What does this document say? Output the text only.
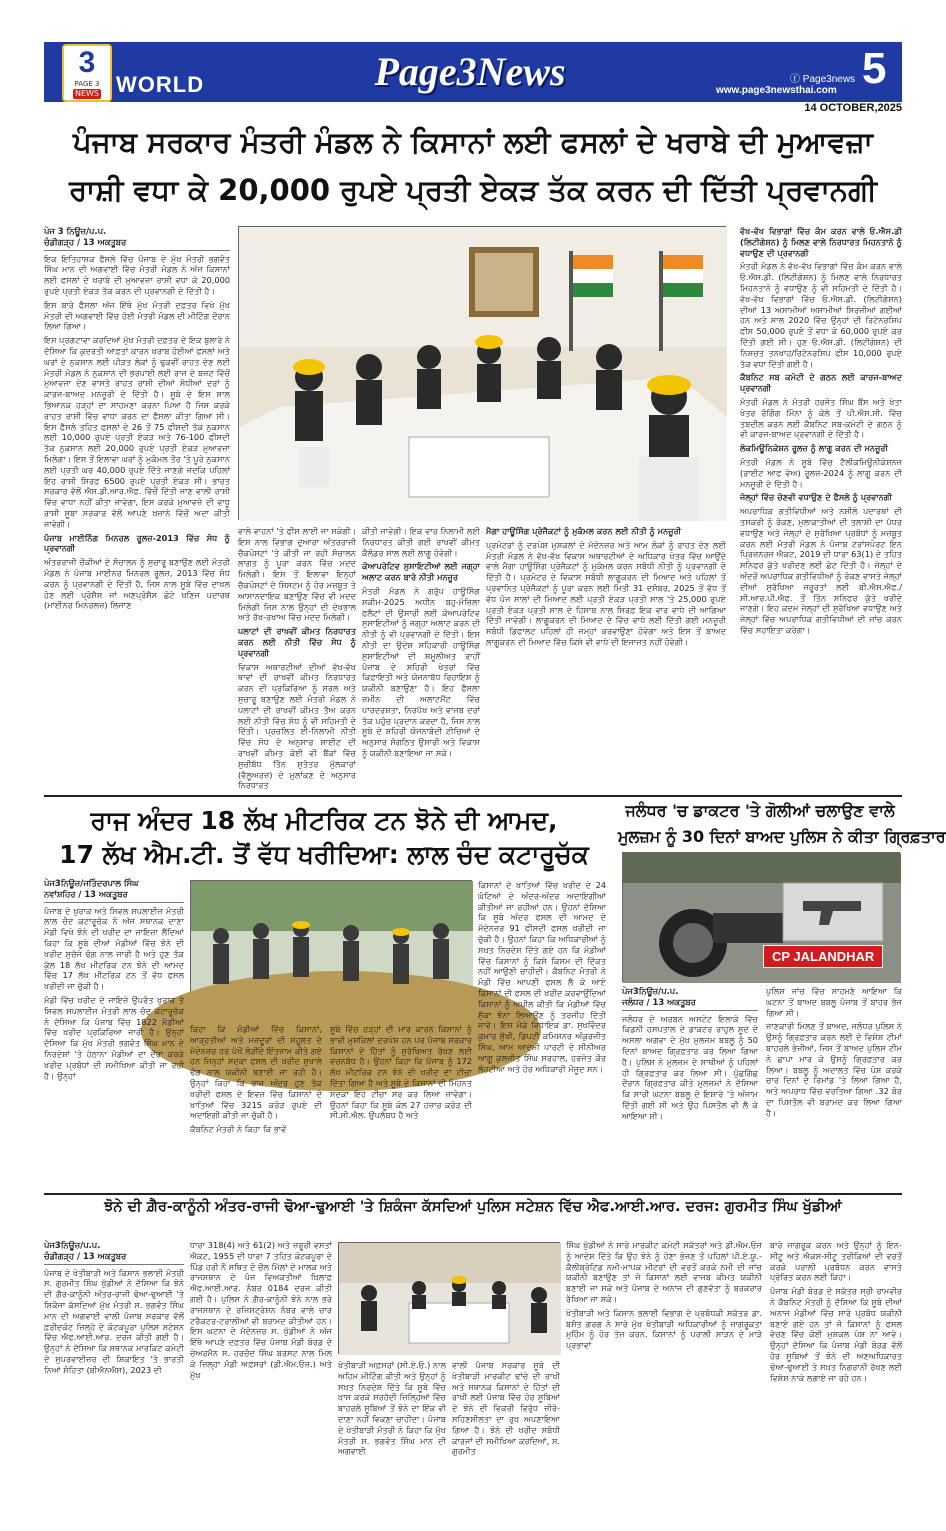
3
PAGE 3
NEWS WORLD	Page3News	ⓕ Page3news
www.page3newsthai.com 5
14 OCTOBER,2025
ਪੰਜਾਬ ਸਰਕਾਰ ਮੰਤਰੀ ਮੰਡਲ ਨੇ ਕਿਸਾਨਾਂ ਲਈ ਫਸਲਾਂ ਦੇ ਖਰਾਬੇ ਦੀ ਮੁਆਵਜ਼ਾ
ਰਾਸ਼ੀ ਵਧਾ ਕੇ 20,000 ਰੁਪਏ ਪ੍ਰਤੀ ਏਕੜ ਤੱਕ ਕਰਨ ਦੀ ਦਿੱਤੀ ਪ੍ਰਵਾਨਗੀ
ਪੇਜ 3 ਨਿਊਜ਼/ਪ.ਪ.
ਚੰਡੀਗੜ੍ਹ / 13 ਅਕਤੂਬਰ

ਇਕ ਇਤਿਹਾਸਕ ਫੈਸਲੇ ਵਿੱਚ ਪੰਜਾਬ ਦੇ ਮੁੱਖ ਮੰਤਰੀ ਭਗਵੰਤ ਸਿੰਘ ਮਾਨ ਦੀ ਅਗਵਾਈ ਵਿੱਚ ਮੰਤਰੀ ਮੰਡਲ ਨੇ ਅੱਜ ਕਿਸਾਨਾਂ ਲਈ ਫਸਲਾਂ ਦੇ ਖਰਾਬੇ ਦੀ ਮੁਆਵਜ਼ਾ ਰਾਸ਼ੀ ਵਧਾ ਕੇ 20,000 ਰੁਪਏ ਪ੍ਰਤੀ ਏਕੜ ਤੱਕ ਕਰਨ ਦੀ ਪ੍ਰਵਾਨਗੀ ਦੇ ਦਿੱਤੀ ਹੈ।

ਇਸ ਬਾਰੇ ਫੈਸਲਾ ਅੱਜ ਇੱਥੇ ਮੁੱਖ ਮੰਤਰੀ ਦਫ਼ਤਰ ਵਿਖੇ ਮੁੱਖ ਮੰਤਰੀ ਦੀ ਅਗਵਾਈ ਵਿੱਚ ਹੋਈ ਮੰਤਰੀ ਮੰਡਲ ਦੀ ਮੀਟਿੰਗ ਦੌਰਾਨ ਲਿਆ ਗਿਆ।

ਇਸ ਪ੍ਰਗਟਾਵਾ ਕਰਦਿਆਂ ਮੁੱਖ ਮੰਤਰੀ ਦਫ਼ਤਰ ਦੇ ਇਕ ਬੁਲਾਰੇ ਨੇ ਦੱਸਿਆ ਕਿ ਕੁਦਰਤੀ ਆਫ਼ਤਾਂ ਕਾਰਨ ਖਰਾਬ ਹੋਈਆਂ ਫਸਲਾਂ ਅਤੇ ਘਰਾਂ ਦੇ ਨੁਕਸਾਨ ਲਈ ਪੀੜਤ ਲੋਕਾਂ ਨੂੰ ਢੁਕਵੀਂ ਰਾਹਤ ਦੇਣ ਲਈ ਮੰਤਰੀ ਮੰਡਲ ਨੇ ਨੁਕਸਾਨ ਦੀ ਭਰਪਾਈ ਲਈ ਰਾਜ ਦੇ ਬਜਟ ਵਿੱਚੋਂ ਮੁਆਵਜ਼ਾ ਦੇਣ ਵਾਸਤੇ ਰਾਹਤ ਰਾਸ਼ੀ ਦੀਆਂ ਸੋਧੀਆਂ ਦਰਾਂ ਨੂੰ ਕਾਰਜ-ਬਾਅਦ ਮਨਜ਼ੂਰੀ ਦੇ ਦਿੱਤੀ ਹੈ। ਸੂਬੇ ਦੇ ਇਸ ਸਾਲ ਭਿਆਨਕ ਹੜ੍ਹਾਂ ਦਾ ਸਾਹਮਣਾ ਕਰਨਾ ਪਿਆ ਹੈ ਜਿਸ ਕਰਕੇ ਰਾਹਤ ਰਾਸ਼ੀ ਵਿੱਚ ਵਾਧਾ ਕਰਨ ਦਾ ਫੈਸਲਾ ਕੀਤਾ ਗਿਆ ਸੀ। ਇਸ ਫੈਸਲੇ ਤਹਿਤ ਫਸਲਾਂ ਦੇ 26 ਤੋਂ 75 ਫੀਸਦੀ ਤੱਕ ਨੁਕਸਾਨ ਲਈ 10,000 ਰੁਪਏ ਪ੍ਰਤੀ ਏਕੜ ਅਤੇ 76-100 ਫੀਸਦੀ ਤੱਕ ਨੁਕਸਾਨ ਲਈ 20,000 ਰੁਪਏ ਪ੍ਰਤੀ ਏਕੜ ਮੁਆਵਜ਼ਾ ਮਿਲੇਗਾ। ਇਸ ਤੋਂ ਇਲਾਵਾ ਘਰਾਂ ਨੂੰ ਮੁਕੰਮਲ ਤੌਰ 'ਤੇ ਪੂਰੇ ਨੁਕਸਾਨ ਲਈ ਪ੍ਰਤੀ ਘਰ 40,000 ਰੁਪਏ ਦਿੱਤੇ ਜਾਣਗੇ ਜਦਕਿ ਪਹਿਲਾਂ ਇਹ ਰਾਸ਼ੀ ਸਿਰਫ਼ 6500 ਰੁਪਏ ਪ੍ਰਤੀ ਏਕੜ ਸੀ। ਭਾਰਤ ਸਰਕਾਰ ਵੱਲੋਂ ਐਸ.ਡੀ.ਆਰ.ਐਫ. ਵਿੱਚੋਂ ਦਿੱਤੀ ਜਾਣ ਵਾਲੀ ਰਾਸ਼ੀ ਵਿੱਚ ਵਾਧਾ ਨਹੀਂ ਕੀਤਾ ਜਾਵੇਗਾ, ਇਸ ਕਰਕੇ ਮੁਆਵਜ਼ੇ ਦੀ ਵਾਧੂ ਰਾਸ਼ੀ ਸੂਬਾ ਸਰਕਾਰ ਵੱਲੋਂ ਆਪਣੇ ਖ਼ਜ਼ਾਨੇ ਵਿੱਚੋਂ ਅਦਾ ਕੀਤੀ ਜਾਵੇਗੀ।

ਪੰਜਾਬ ਮਾਈਨਿੰਗ ਮਿਨਰਲ ਰੂਲਜ਼-2013 ਵਿੱਚ ਸੋਧ ਨੂੰ ਪ੍ਰਵਾਨਗੀ

ਅੰਤਰਰਾਜੀ ਚੌਕੀਆਂ ਦੇ ਸੰਚਾਲਨ ਨੂੰ ਸੁਚਾਰੂ ਬਣਾਉਣ ਲਈ ਮੰਤਰੀ ਮੰਡਲ ਨੇ ਪੰਜਾਬ ਮਾਈਨਰ ਮਿਨਰਲ ਰੂਲਜ਼, 2013 ਵਿੱਚ ਸੋਧ ਕਰਨ ਨੂੰ ਪ੍ਰਵਾਨਗੀ ਦੇ ਦਿੱਤੀ ਹੈ, ਜਿਸ ਨਾਲ ਸੂਬੇ ਵਿੱਚ ਦਾਖਲ ਹੋਣ ਲਈ ਪ੍ਰੋਸੈਸ ਜਾਂ ਅਣਪ੍ਰੋਸੈਸ ਛੋਟੇ ਖਣਿਜ ਪਦਾਰਥ (ਮਾਈਨਰ ਮਿਨਰਲਜ਼) ਲਿਜਾਣ

ਵਾਲੇ ਵਾਹਨਾਂ 'ਤੇ ਫੀਸ ਲਾਈ ਜਾ ਸਕੇਗੀ। ਇਸ ਨਾਲ ਵਿਭਾਗ ਦੁਆਰਾ ਅੰਤਰਰਾਜੀ ਚੈਕਪੋਸਟਾਂ 'ਤੇ ਕੀਤੀ ਜਾ ਰਹੀ ਸੰਚਾਲਨ ਲਾਗਤ ਨੂੰ ਪੂਰਾ ਕਰਨ ਵਿੱਚ ਮਦਦ ਮਿਲੇਗੀ। ਇਸ ਤੋਂ ਇਲਾਵਾ ਇਨ੍ਹਾਂ ਚੈਕਪੋਸਟਾਂ ਦੇ ਸਿਸਟਮ ਨੂੰ ਹੋਰ ਮਜ਼ਬੂਤ ਤੇ ਆਸਾਨਦਾਇਕ ਬਣਾਉਣ ਵਿੱਚ ਵੀ ਮਦਦ ਮਿਲੇਗੀ ਜਿਸ ਨਾਲ ਉਨ੍ਹਾਂ ਦੀ ਦੇਖਭਾਲ ਅਤੇ ਰੱਖ-ਰਖਾਅ ਵਿੱਚ ਮਦਦ ਮਿਲੇਗੀ।

ਪਲਾਟਾਂ ਦੀ ਰਾਖਵੀਂ ਕੀਮਤ ਨਿਰਧਾਰਤ ਕਰਨ ਲਈ ਨੀਤੀ ਵਿੱਚ ਸੋਧ ਨੂੰ ਪ੍ਰਵਾਨਗੀ

ਵਿਕਾਸ ਅਥਾਰਟੀਆਂ ਦੀਆਂ ਵੱਖ-ਵੱਖ ਥਾਵਾਂ ਦੀ ਰਾਖਵੀਂ ਕੀਮਤ ਨਿਰਧਾਰਤ ਕਰਨ ਦੀ ਪ੍ਰਕਿਰਿਆ ਨੂੰ ਸਰਲ ਅਤੇ ਸੁਚਾਰੂ ਬਣਾਉਣ ਲਈ ਮੰਤਰੀ ਮੰਡਲ ਨੇ ਪਲਾਟਾਂ ਦੀ ਰਾਖਵੀਂ ਕੀਮਤ ਤੈਅ ਕਰਨ ਲਈ ਨੀਤੀ ਵਿੱਚ ਸੋਧ ਨੂੰ ਵੀ ਸਹਿਮਤੀ ਦੇ ਦਿੱਤੀ। ਪ੍ਰਚਲਿਤ ਈ-ਨਿਲਾਮੀ ਨੀਤੀ ਵਿੱਚ ਸੋਧ ਦੇ ਅਨੁਸਾਰ ਸਾਈਟ ਦੀ ਰਾਖਵੀਂ ਕੀਮਤ ਕੋਈ ਵੀ ਬੈਂਕਾਂ ਵਿੱਚ ਸੁਚੀਬੱਧ ਤਿੰਨ ਸੁਤੰਤਰ ਮੁੱਲਕਾਰਾਂ (ਵੈਲੂਅਰਜ਼) ਦੇ ਮੁਲਾਂਕਣ ਦੇ ਅਨੁਸਾਰ ਨਿਰਧਾਰਤ

ਕੀਤੀ ਜਾਵੇਗੀ। ਇਕ ਵਾਰ ਨਿਲਾਮੀ ਲਈ ਨਿਰਧਾਰਤ ਕੀਤੀ ਗਈ ਰਾਖਵੀਂ ਕੀਮਤ ਕੈਲੰਡਰ ਸਾਲ ਲਈ ਲਾਗੂ ਹੋਵੇਗੀ।

ਕੋਆਪਰੇਟਿਵ ਸੁਸਾਇਟੀਆਂ ਲਈ ਜਗ੍ਹਾ ਅਲਾਟ ਕਰਨ ਬਾਰੇ ਨੀਤੀ ਮਨਜ਼ੂਰ

ਮੰਤਰੀ ਮੰਡਲ ਨੇ ਗਰੁੱਪ ਹਾਊਸਿੰਗ ਸਕੀਮ-2025 ਅਧੀਨ ਬਹੁ-ਮੰਜ਼ਿਲਾ ਫਲੈਟਾਂ ਦੀ ਉਸਾਰੀ ਲਈ ਕੋਆਪਰੇਟਿਵ ਸੁਸਾਇਟੀਆਂ ਨੂੰ ਜਗ੍ਹਾ ਅਲਾਟ ਕਰਨ ਦੀ ਨੀਤੀ ਨੂੰ ਵੀ ਪ੍ਰਵਾਨਗੀ ਦੇ ਦਿੱਤੀ। ਇਸ ਨੀਤੀ ਦਾ ਉਦੇਸ਼ ਸਹਿਕਾਰੀ ਹਾਊਸਿੰਗ ਸੁਸਾਇਟੀਆਂ ਦੀ ਸ਼ਮੂਲੀਅਤ ਰਾਹੀਂ ਪੰਜਾਬ ਦੇ ਸ਼ਹਿਰੀ ਖੇਤਰਾਂ ਵਿੱਚ ਕਿਫ਼ਾਇਤੀ ਅਤੇ ਯੋਜਨਾਬੱਧ ਰਿਹਾਇਸ਼ ਨੂੰ ਯਕੀਨੀ ਬਣਾਉਣਾ ਹੈ। ਇਹ ਫੈਸਲਾ ਜ਼ਮੀਨ ਦੀ ਅਲਾਟਮੈਂਟ ਵਿੱਚ ਪਾਰਦਰਸ਼ਤਾ, ਨਿਰਪੱਖ ਅਤੇ ਵਾਜਬ ਦਰਾਂ ਤੱਕ ਪਹੁੰਚ ਪ੍ਰਦਾਨ ਕਰਦਾ ਹੈ, ਜਿਸ ਨਾਲ ਸੂਬੇ ਦੇ ਸ਼ਹਿਰੀ ਯੋਜਨਾਬੰਦੀ ਟੀਚਿਆਂ ਦੇ ਅਨੁਸਾਰ ਸੰਗਠਿਤ ਉਸਾਰੀ ਅਤੇ ਵਿਕਾਸ ਨੂੰ ਯਕੀਨੀ ਬਣਾਇਆ ਜਾ ਸਕੇ।

ਮੈਗਾ ਹਾਊਸਿੰਗ ਪ੍ਰੋਜੈਕਟਾਂ ਨੂੰ ਮੁਕੰਮਲ ਕਰਨ ਲਈ ਨੀਤੀ ਨੂੰ ਮਨਜ਼ੂਰੀ

ਪ੍ਰਮੋਟਰਾਂ ਨੂੰ ਦਰਪੇਸ਼ ਮੁਸ਼ਕਲਾਂ ਦੇ ਮੱਦੇਨਜ਼ਰ ਅਤੇ ਆਮ ਲੋਕਾਂ ਨੂੰ ਰਾਹਤ ਦੇਣ ਲਈ ਮੰਤਰੀ ਮੰਡਲ ਨੇ ਵੱਖ-ਵੱਖ ਵਿਕਾਸ ਅਥਾਰਟੀਆਂ ਦੇ ਅਧਿਕਾਰ ਖੇਤਰ ਵਿੱਚ ਆਉਂਦੇ ਵਾਲੇ ਮੈਗਾ ਹਾਊਸਿੰਗ ਪ੍ਰੋਜੈਕਟਾਂ ਨੂੰ ਮੁਕੰਮਲ ਕਰਨ ਸਬੰਧੀ ਨੀਤੀ ਨੂੰ ਪ੍ਰਵਾਨਗੀ ਦੇ ਦਿੱਤੀ ਹੈ। ਪ੍ਰਮੋਟਰ ਦੇ ਵਿਕਾਸ ਸਬੰਧੀ ਲਾਗੂਕਰਨ ਦੀ ਮਿਆਦ ਅਤੇ ਪਹਿਲਾਂ ਤੋਂ ਪ੍ਰਵਾਨਿਤ ਪ੍ਰੋਜੈਕਟਾਂ ਨੂੰ ਪੂਰਾ ਕਰਨ ਲਈ ਮਿਤੀ 31 ਦਸੰਬਰ, 2025 ਤੋਂ ਵੱਧ ਤੋਂ ਵੱਧ ਪੰਜ ਸਾਲਾਂ ਦੀ ਮਿਆਦ ਲਈ ਪ੍ਰਤੀ ਏਕੜ ਪ੍ਰਤੀ ਸਾਲ 'ਤੇ 25,000 ਰੁਪਏ ਪ੍ਰਤੀ ਏਕੜ ਪ੍ਰਤੀ ਸਾਲ ਦੇ ਹਿਸਾਬ ਨਾਲ ਸਿਰਫ਼ ਇਕ ਵਾਰ ਵਾਧੇ ਦੀ ਆਗਿਆ ਦਿੱਤੀ ਜਾਵੇਗੀ। ਲਾਗੂਕਰਨ ਦੀ ਮਿਆਦ ਦੇ ਵਿੱਚ ਵਾਧੇ ਲਈ ਦਿੱਤੀ ਗਈ ਮਨਜ਼ੂਰੀ ਸਬੰਧੀ ਡਿਫਾਲਟ ਪਹਿਲਾਂ ਹੀ ਜਮ੍ਹਾਂ ਕਰਵਾਉਣਾ ਹੋਵੇਗਾ ਅਤੇ ਇਸ ਤੋਂ ਬਾਅਦ ਲਾਗੂਕਰਨ ਦੀ ਮਿਆਦ ਵਿੱਚ ਕਿਸੇ ਵੀ ਵਾਧੇ ਦੀ ਇਜਾਜ਼ਤ ਨਹੀਂ ਹੋਵੇਗੀ।

ਵੱਖ-ਵੱਖ ਵਿਭਾਗਾਂ ਵਿੱਚ ਕੰਮ ਕਰਨ ਵਾਲੇ ਓ.ਐਸ.ਡੀ (ਲਿਟੀਗੇਸ਼ਨ) ਨੂੰ ਮਿਲਣ ਵਾਲੇ ਨਿਰਧਾਰਤ ਮਿਹਨਤਾਨੇ ਨੂੰ ਵਧਾਉਣ ਦੀ ਪ੍ਰਵਾਨਗੀ

ਮੰਤਰੀ ਮੰਡਲ ਨੇ ਵੱਖ-ਵੱਖ ਵਿਭਾਗਾਂ ਵਿੱਚ ਕੰਮ ਕਰਨ ਵਾਲੇ ਓ.ਐਸ.ਡੀ. (ਲਿਟੀਗੇਸ਼ਨ) ਨੂੰ ਮਿਲਣ ਵਾਲੇ ਨਿਰਧਾਰਤ ਮਿਹਨਤਾਨੇ ਨੂੰ ਵਧਾਉਣ ਨੂੰ ਵੀ ਸਹਿਮਤੀ ਦੇ ਦਿੱਤੀ ਹੈ। ਵੱਖ-ਵੱਖ ਵਿਭਾਗਾਂ ਵਿੱਚ ਓ.ਐਸ.ਡੀ. (ਲਿਟੀਗੇਸ਼ਨ) ਦੀਆਂ 13 ਅਸਾਮੀਆਂ ਅਸਾਮੀਆਂ ਸਿਰਜੀਆਂ ਗਈਆਂ ਹਨ ਅਤੇ ਸਾਲ 2020 ਵਿੱਚ ਉਨ੍ਹਾਂ ਦੀ ਰਿਟੇਨਰਸ਼ਿਪ ਫੀਸ 50,000 ਰੁਪਏ ਤੋਂ ਵਧਾ ਕੇ 60,000 ਰੁਪਏ ਕਰ ਦਿੱਤੀ ਗਈ ਸੀ। ਹੁਣ ਓ.ਐਸ.ਡੀ. (ਲਿਟੀਗੇਸ਼ਨ) ਦੀ ਨਿਸ਼ਚਤ ਤਨਖਾਹ/ਰਿਟੇਨਰਸ਼ਿਪ ਫੀਸ 10,000 ਰੁਪਏ ਤੱਕ ਵਧਾ ਦਿੱਤੀ ਗਈ ਹੈ।

ਕੈਬਨਿਟ ਸਬ ਕਮੇਟੀ ਦੇ ਗਠਨ ਲਈ ਕਾਰਜ-ਬਾਅਦ ਪ੍ਰਵਾਨਗੀ

ਮੰਤਰੀ ਮੰਡਲ ਨੇ ਮੰਤਰੀ ਹਰਜੋਤ ਸਿੰਘ ਬੈਂਸ ਅਤੇ ਖੇਤਾ ਖੇਤਰ ਰੰਗਿੰਗ ਮਿੰਨਾ ਨੂੰ ਕੋਲੇ ਤੋਂ ਪੀ.ਐਸ.ਸੀ. ਵਿੱਚ ਤਬਦੀਲ ਕਰਨ ਲਈ ਕੈਬਨਿਟ ਸਬ-ਕਮੇਟੀ ਦੇ ਗਠਨ ਨੂੰ ਵੀ ਕਾਰਜ-ਬਾਅਦ ਪ੍ਰਵਾਨਗੀ ਦੇ ਦਿੱਤੀ ਹੈ।

ਲੋਕਮਿਊਨਿਕੇਸ਼ਨ ਰੂਲਜ਼ ਨੂੰ ਲਾਗੂ ਕਰਨ ਦੀ ਮਨਜ਼ੂਰੀ

ਮੰਤਰੀ ਮੰਡਲ ਨੇ ਸੂਬੇ ਵਿੱਚ ਟੈਲੀਕਮਿਊਨੀਕੇਸ਼ਨਜ਼ (ਰਾਈਟ ਆਫ ਵੇਅ) ਰੂਲਜ਼-2024 ਨੂੰ ਲਾਗੂ ਕਰਨ ਦੀ ਮਨਜ਼ੂਰੀ ਦੇ ਦਿੱਤੀ ਹੈ।

ਜੇਲ੍ਹਾਂ ਵਿੱਚ ਚੋਣਵੀ ਵਧਾਉਣ ਦੇ ਫੈਸਲੇ ਨੂੰ ਪ੍ਰਵਾਨਗੀ

ਅਪਰਾਧਿਕ ਗਤੀਵਿਧੀਆਂ ਅਤੇ ਨਸ਼ੀਲੇ ਪਦਾਰਥਾਂ ਦੀ ਤਸਕਰੀ ਨੂੰ ਰੋਕਣ, ਮੁਲਾਕਾਤੀਆਂ ਦੀ ਤਲਾਸ਼ੀ ਦਾ ਪੱਧਰ ਵਧਾਉਣ ਅਤੇ ਜੇਲ੍ਹਾਂ ਦੇ ਸੁਰੱਖਿਆ ਪ੍ਰਬੰਧਾਂ ਨੂੰ ਮਜ਼ਬੂਤ ਕਰਨ ਲਈ ਮੰਤਰੀ ਮੰਡਲ ਨੇ ਪੰਜਾਬ ਟਰਾਂਸਪੋਰਟ ਇਨ ਪ੍ਰਿਜ਼ਨਰਜ਼ ਐਕਟ, 2019 ਦੀ ਧਾਰਾ 63(1) ਦੇ ਤਹਿਤ ਸਨਿਫਰ ਕੁੱਤੇ ਖਰੀਦਣ ਲਈ ਛੋਟ ਦਿੱਤੀ ਹੈ। ਜੇਲ੍ਹਾਂ ਦੇ ਅੰਦਰੋਂ ਅਪਰਾਧਿਕ ਗਤੀਵਿਧੀਆਂ ਨੂੰ ਰੋਕਣ ਵਾਸਤੇ ਜੇਲ੍ਹਾਂ ਦੀਆਂ ਸੁਰੱਖਿਆ ਜਰੂਰਤਾਂ ਲਈ ਬੀ.ਐਸ.ਐਫ./ਸੀ.ਆਰ.ਪੀ.ਐਫ. ਤੋਂ ਤਿੰਨ ਸਨਿਫਰ ਕੁੱਤੇ ਖਰੀਦੇ ਜਾਣਗੇ। ਇਹ ਕਦਮ ਜੇਲ੍ਹਾਂ ਦੀ ਸੁਰੱਖਿਆ ਵਧਾਉਣ ਅਤੇ ਜੇਲ੍ਹਾਂ ਵਿੱਚ ਅਪਰਾਧਿਕ ਗਤੀਵਿਧੀਆਂ ਦੀ ਜਾਂਚ ਕਰਨ ਵਿੱਚ ਸਹਾਇਤਾ ਕਰੇਗਾ।

ਰਾਜ ਅੰਦਰ 18 ਲੱਖ ਮੀਟਰਿਕ ਟਨ ਝੋਨੇ ਦੀ ਆਮਦ,
17 ਲੱਖ ਐਮ.ਟੀ. ਤੋਂ ਵੱਧ ਖਰੀਦਿਆ: ਲਾਲ ਚੰਦ ਕਟਾਰੂਚੱਕ
ਪੇਜ3ਨਿਊਜ਼/ਜਤਿੰਦਰਪਾਲ ਸਿੰਘ
ਨਵਾਂਸ਼ਹਿਰ / 13 ਅਕਤੂਬਰ

ਪੰਜਾਬ ਦੇ ਖੁਰਾਕ ਅਤੇ ਸਿਵਲ ਸਪਲਾਈਜ਼ ਮੰਤਰੀ ਲਾਲ ਚੰਦ ਕਟਾਰੂਚੱਕ ਨੇ ਅੱਜ ਸਥਾਨਕ ਦਾਣਾ ਮੰਡੀ ਵਿਖੇ ਝੋਨੇ ਦੀ ਖਰੀਦ ਦਾ ਜਾਇਜ਼ਾ ਲੈਂਦਿਆਂ ਕਿਹਾ ਕਿ ਸੂਬੇ ਦੀਆਂ ਮੰਡੀਆਂ ਵਿੱਚ ਝੋਨੇ ਦੀ ਖਰੀਦ ਸੁਚੱਜੇ ਢੰਗ ਨਾਲ ਜਾਰੀ ਹੈ ਅਤੇ ਹੁਣ ਤੱਕ ਕੁੱਲ 18 ਲੱਖ ਮੀਟਰਿਕ ਟਨ ਝੋਨੇ ਦੀ ਆਮਦ ਵਿੱਚ 17 ਲੱਖ ਮੀਟਰਿਕ ਟਨ ਤੋਂ ਵੱਧ ਫਸਲ ਖਰੀਦੀ ਜਾ ਚੁੱਕੀ ਹੈ।

ਮੰਡੀ ਵਿੱਚ ਖਰੀਦ ਦੇ ਜਾਇਜ਼ੇ ਉਪਰੰਤ ਖੁਰਾਕ ਤੇ ਸਿਵਲ ਸਪਲਾਈਜ਼ ਮੰਤਰੀ ਲਾਲ ਚੰਦ ਕਟਾਰੂਚੱਕ ਨੇ ਦੱਸਿਆ ਕਿ ਪੰਜਾਬ ਵਿੱਚ 1822 ਮੰਡੀਆਂ ਵਿੱਚ ਖਰੀਦ ਪ੍ਰਕਿਰਿਆ ਜਾਰੀ ਹੈ। ਉਨ੍ਹਾਂ ਦੱਸਿਆ ਕਿ ਮੁੱਖ ਮੰਤਰੀ ਭਗਵੰਤ ਸਿੰਘ ਮਾਨ ਦੇ ਨਿਰਦੇਸ਼ਾਂ 'ਤੇ ਹੇਠਾਨਾ ਮੰਡੀਆਂ ਦਾ ਦੌਰਾ ਕਰਕੇ ਖਰੀਦ ਪ੍ਰਬੰਧਾਂ ਦੀ ਸਮੀਖਿਆ ਕੀਤੀ ਜਾ ਰਹੀ ਹੈ। ਉਨ੍ਹਾਂ

ਕਿਹਾ ਕਿ ਮੰਡੀਆਂ ਵਿੱਚ ਕਿਸਾਨਾਂ, ਆੜ੍ਹਤੀਆਂ ਅਤੇ ਮਜ਼ਦੂਰਾਂ ਦੀ ਸਹੂਲਤ ਦੇ ਮੱਦੇਨਜ਼ਰ ਹਰ ਪੱਖੋਂ ਲੋੜੀਂਦੇ ਇੰਤਜ਼ਾਮ ਕੀਤੇ ਗਏ ਹਨ ਜਿਨ੍ਹਾਂ ਸਦਕਾ ਫਸਲ ਦੀ ਖਰੀਦ ਸੁਖਾਲੇ ਢੰਗ ਨਾਲ ਯਕੀਨੀ ਬਣਾਈ ਜਾ ਰਹੀ ਹੈ। ਉਨ੍ਹਾਂ ਕਿਹਾ ਕਿ ਰਾਜ ਅੰਦਰ ਹੁਣ ਤੱਕ ਖਰੀਦੀ ਫਸਲ ਦੇ ਇਵਜ਼ ਵਿੱਚ ਕਿਸਾਨਾਂ ਦੇ ਖਾਤਿਆਂ ਵਿੱਚ 3215 ਕਰੋੜ ਰੁਪਏ ਦੀ ਅਦਾਇਗੀ ਕੀਤੀ ਜਾ ਚੁੱਕੀ ਹੈ।

ਕੈਬਨਿਟ ਮੰਤਰੀ ਨੇ ਕਿਹਾ ਕਿ ਭਾਵੇਂ

ਸੂਬੇ ਵਿੱਚ ਹੜ੍ਹਾਂ ਦੀ ਮਾਰ ਕਾਰਨ ਕਿਸਾਨਾਂ ਨੂੰ ਭਾਰੀ ਮੁਸ਼ਕਿਲਾਂ ਦਰਪੇਸ਼ ਹਨ ਪਰ ਪੰਜਾਬ ਸਰਕਾਰ ਕਿਸਾਨਾਂ ਦੇ ਹਿੱਤਾਂ ਨੂੰ ਸੁਰੱਖਿਅਤ ਰੱਖਣ ਲਈ ਵਚਨਬੱਧ ਹੈ। ਉਹਨਾਂ ਕਿਹਾ ਕਿ ਪੰਜਾਬ ਨੂੰ 172 ਲੱਖ ਮੀਟਰਿਕ ਟਨ ਝੋਨੇ ਦੀ ਖਰੀਦ ਦਾ ਟੀਚਾ ਦਿੱਤਾ ਗਿਆ ਹੈ ਅਤੇ ਸੂਬੇ ਦੇ ਕਿਸਾਨਾਂ ਦੀ ਮਿਹਨਤ ਸਦਕਾ ਇਹ ਟੀਚਾ ਸਰ ਕਰ ਲਿਆ ਜਾਵੇਗਾ। ਉਹਨਾਂ ਕਿਹਾ ਕਿ ਸੂਬੇ ਕੋਲ 27 ਹਜ਼ਾਰ ਕਰੋੜ ਦੀ ਸੀ.ਸੀ.ਐਲ. ਉਪਲੱਬਧ ਹੈ ਅਤੇ

ਕਿਸਾਨਾਂ ਦੇ ਖਾਤਿਆਂ ਵਿੱਚ ਖਰੀਦ ਦੇ 24 ਘੰਟਿਆਂ ਦੇ ਅੰਦਰ-ਅੰਦਰ ਅਦਾਇਗੀਆਂ ਕੀਤੀਆਂ ਜਾ ਰਹੀਆਂ ਹਨ। ਉਹਨਾਂ ਦੱਸਿਆ ਕਿ ਸੂਬੇ ਅੰਦਰ ਫਸਲ ਦੀ ਆਮਦ ਦੇ ਮੱਦੇਨਜ਼ਰ 91 ਫੀਸਦੀ ਫਸਲ ਖਰੀਦੀ ਜਾ ਚੁੱਕੀ ਹੈ। ਉਹਨਾਂ ਕਿਹਾ ਕਿ ਅਧਿਕਾਰੀਆਂ ਨੂੰ ਸਖ਼ਤ ਨਿਰਦੇਸ਼ ਦਿੱਤੇ ਗਏ ਹਨ ਕਿ ਮੰਡੀਆਂ ਵਿੱਚ ਕਿਸਾਨਾਂ ਨੂੰ ਕਿਸੇ ਕਿਸਮ ਦੀ ਦਿੱਕਤ ਨਹੀਂ ਆਉਣੀ ਚਾਹੀਦੀ। ਕੈਬਨਿਟ ਮੰਤਰੀ ਨੇ ਮੰਡੀ ਵਿੱਚ ਆਪਣੀ ਫਸਲ ਲੈ ਕੇ ਆਏ ਕਿਸਾਨਾਂ ਦੀ ਫਸਲ ਦੀ ਖਰੀਦ ਕਰਵਾਉਂਦਿਆਂ ਕਿਸਾਨਾਂ ਨੂੰ ਅਪੀਲ ਕੀਤੀ ਕਿ ਮੰਡੀਆਂ ਵਿੱਚ ਸੁੱਕਾ ਝੋਨਾ ਲਿਆਉਣ ਨੂੰ ਤਰਜੀਹ ਦਿੱਤੀ ਜਾਵੇ। ਇਸ ਮੌਕੇ ਵਿਧਾਇਕ ਡਾ. ਸੁਖਵਿੰਦਰ ਕੁਮਾਰ ਸੁੱਖੀ, ਡਿਪਟੀ ਕਮਿਸ਼ਨਰ ਅੰਕੁਰਜੀਤ ਸਿੰਘ, ਆਮ ਆਦਮੀ ਪਾਰਟੀ ਦੇ ਸੀਨੀਅਰ ਆਗੂ ਕੁਲਜੀਤ ਸਿੰਘ ਸਰਹਾਲ, ਹਰਜੋਤ ਕੌਰ ਲੋਹਟੀਆ ਅਤੇ ਹੋਰ ਅਧਿਕਾਰੀ ਮੌਜੂਦ ਸਨ।

ਜਲੰਧਰ 'ਚ ਡਾਕਟਰ 'ਤੇ ਗੋਲੀਆਂ ਚਲਾਉਣ ਵਾਲੇ
ਮੁਲਜ਼ਮ ਨੂੰ 30 ਦਿਨਾਂ ਬਾਅਦ ਪੁਲਿਸ ਨੇ ਕੀਤਾ ਗ੍ਰਿਫ਼ਤਾਰ
CP JALANDHAR
ਪੇਜ3ਨਿਊਜ਼/ਪ.ਪ.
ਜਲੰਧਰ / 13 ਅਕਤੂਬਰ

ਜਲੰਧਰ ਦੇ ਅਰਬਨ ਅਸਟੇਟ ਇਲਾਕੇ ਵਿੱਚ ਕਿਡਨੀ ਹਸਪਤਾਲ ਦੇ ਡਾਕਟਰ ਰਾਹੁਲ ਸੂਦ ਦੇ ਅਸਲਾ ਅਗਵਾ ਦੇ ਮੁੱਖ ਮੁਲਜ਼ਮ ਬਬਲੂ ਨੂੰ 50 ਦਿਨਾਂ ਬਾਅਦ ਗ੍ਰਿਫ਼ਤਾਰ ਕਰ ਲਿਆ ਗਿਆ ਹੈ। ਪੁਲਿਸ ਨੇ ਮੁਲਜ਼ਮ ਦੇ ਸਾਥੀਆਂ ਨੂੰ ਪਹਿਲਾਂ ਹੀ ਗ੍ਰਿਫ਼ਤਾਰ ਕਰ ਲਿਆ ਸੀ। ਪੁੱਛਗਿੱਛ ਦੌਰਾਨ ਗ੍ਰਿਫ਼ਤਾਰ ਕੀਤੇ ਮੁਲਜ਼ਮਾਂ ਨੇ ਦੱਸਿਆ ਕਿ ਸਾਰੀ ਘਟਨਾ ਬਬਲੂ ਦੇ ਇਸ਼ਾਰੇ 'ਤੇ ਅੰਜਾਮ ਦਿੱਤੀ ਗਈ ਸੀ ਅਤੇ ਉਹ ਪਿਸਤੌਲ ਵੀ ਲੈ ਕੇ ਆਇਆ ਸੀ।

ਪੁਲਿਸ ਜਾਂਚ ਵਿੱਚ ਸਾਹਮਣੇ ਆਇਆ ਕਿ ਘਟਨਾ ਤੋਂ ਬਾਅਦ ਬਬਲੂ ਪੰਜਾਬ ਤੋਂ ਬਾਹਰ ਭੱਜ ਗਿਆ ਸੀ।

ਜਾਣਕਾਰੀ ਮਿਲਣ ਤੋਂ ਬਾਅਦ, ਜਲੰਧਰ ਪੁਲਿਸ ਨੇ ਉਸਨੂੰ ਗ੍ਰਿਫ਼ਤਾਰ ਕਰਨ ਲਈ ਦੋ ਵਿਸ਼ੇਸ਼ ਟੀਮਾਂ ਬਾਹਰਲੇ ਭੇਜੀਆਂ, ਜਿਸ ਤੋਂ ਬਾਅਦ ਪੁਲਿਸ ਟੀਮ ਨੇ ਛਾਪਾ ਮਾਰ ਕੇ ਉਸਨੂੰ ਗ੍ਰਿਫ਼ਤਾਰ ਕਰ ਲਿਆ। ਬਬਲੂ ਨੂੰ ਅਦਾਲਤ ਵਿੱਚ ਪੇਸ਼ ਕਰਕੇ ਚਾਰ ਦਿਨਾਂ ਦੇ ਰਿਮਾਂਡ 'ਤੇ ਲਿਆ ਗਿਆ ਹੈ, ਅਤੇ ਅਪਰਾਧ ਵਿੱਚ ਵਰਤਿਆ ਗਿਆ .32 ਬੋਰ ਦਾ ਪਿਸਤੌਲ ਵੀ ਬਰਾਮਦ ਕਰ ਲਿਆ ਗਿਆ ਹੈ।

ਝੋਨੇ ਦੀ ਗ਼ੈਰ-ਕਾਨੂੰਨੀ ਅੰਤਰ-ਰਾਜੀ ਢੋਆ-ਢੁਆਈ 'ਤੇ ਸ਼ਿਕੰਜਾ ਕੱਸਦਿਆਂ ਪੁਲਿਸ ਸਟੇਸ਼ਨ ਵਿੱਚ ਐਫ.ਆਈ.ਆਰ. ਦਰਜ: ਗੁਰਮੀਤ ਸਿੰਘ ਖੁੱਡੀਆਂ
ਪੇਜ3ਨਿਊਜ਼/ਪ.ਪ.
ਚੰਡੀਗੜ੍ਹ / 13 ਅਕਤੂਬਰ

ਪੰਜਾਬ ਦੇ ਖੇਤੀਬਾੜੀ ਅਤੇ ਕਿਸਾਨ ਭਲਾਈ ਮੰਤਰੀ ਸ. ਗੁਰਮੀਤ ਸਿੰਘ ਖੁੱਡੀਆਂ ਨੇ ਦੱਸਿਆ ਕਿ ਝੋਨੇ ਦੀ ਗ਼ੈਰ-ਕਾਨੂੰਨੀ ਅੰਤਰ-ਰਾਜੀ ਢੋਆ-ਢੁਆਈ 'ਤੇ ਸ਼ਿਕੰਜਾ ਕੱਸਦਿਆਂ ਮੁੱਖ ਮੰਤਰੀ ਸ. ਭਗਵੰਤ ਸਿੰਘ ਮਾਨ ਦੀ ਅਗਵਾਈ ਵਾਲੀ ਪੰਜਾਬ ਸਰਕਾਰ ਵੱਲੋਂ ਫ਼ਰੀਦਕੋਟ ਜ਼ਿਲ੍ਹੇ ਦੇ ਕੋਟਕਪੂਰਾ ਪੁਲਿਸ ਸਟੇਸ਼ਨ ਵਿੱਚ ਐਫ.ਆਈ.ਆਰ. ਦਰਜ ਕੀਤੀ ਗਈ ਹੈ। ਉਨ੍ਹਾਂ ਨੇ ਦੱਸਿਆ ਕਿ ਸਥਾਨਕ ਮਾਰਕਿਟ ਕਮੇਟੀ ਦੇ ਸੁਪਰਵਾਈਜ਼ਰ ਦੀ ਸ਼ਿਕਾਇਤ 'ਤੇ ਭਾਰਤੀ ਨਿਆਂ ਸੰਹਿਤਾ (ਬੀਐਨਐਸ), 2023 ਦੀ

ਧਾਰਾ 318(4) ਅਤੇ 61(2) ਅਤੇ ਜ਼ਰੂਰੀ ਵਸਤਾਂ ਐਕਟ, 1955 ਦੀ ਧਾਰਾ 7 ਤਹਿਤ ਕੋਟਕਪੂਰਾ ਦੇ ਪਿੰਡ ਹਰੀ ਨੌ ਸਥਿਤ ਦੋ ਚੌਲ ਮਿੱਲਾਂ ਦੇ ਮਾਲਕ ਅਤੇ ਰਾਜਸਥਾਨ ਦੇ ਪੰਜ ਵਿਅਕਤੀਆਂ ਖ਼ਿਲਾਫ਼ ਐਫ.ਆਈ.ਆਰ. ਨੰਬਰ 0184 ਦਰਜ ਕੀਤੀ ਗਈ ਹੈ। ਪੁਲਿਸ ਨੇ ਗ਼ੈਰ-ਕਾਨੂੰਨੀ ਝੋਨੇ ਨਾਲ ਭਰੇ ਰਾਜਸਥਾਨ ਦੇ ਰਜਿਸਟ੍ਰੇਸ਼ਨ ਨੰਬਰ ਵਾਲੇ ਚਾਰ ਟਰੈਕਟਰ-ਟਰਾਲੀਆਂ ਵੀ ਬਰਾਮਦ ਕੀਤੀਆਂ ਹਨ। ਇਸ ਘਟਨਾ ਦੇ ਮੱਦੇਨਜ਼ਰ ਸ. ਖੁੱਡੀਆਂ ਨੇ ਅੱਜ ਇੱਥੇ ਆਪਣੇ ਦਫ਼ਤਰ ਵਿੱਚ ਪੰਜਾਬ ਮੰਡੀ ਬੋਰਡ ਦੇ ਚੇਅਰਮੈਨ ਸ. ਹਰਚੰਦ ਸਿੰਘ ਬਰਸਟ ਨਾਲ ਮਿਲ ਕੇ ਜ਼ਿਲ੍ਹਾ ਮੰਡੀ ਅਫ਼ਸਰਾਂ (ਡੀ.ਐਮ.ਓਜ਼.) ਅਤੇ ਮੁੱਖ

ਖੇਤੀਬਾੜੀ ਅਫ਼ਸਰਾਂ (ਸੀ.ਏ.ਓ.) ਨਾਲ ਅਹਿਮ ਮੀਟਿੰਗ ਕੀਤੀ ਅਤੇ ਉਨ੍ਹਾਂ ਨੂੰ ਸਖ਼ਤ ਨਿਰਦੇਸ਼ ਦਿੱਤੇ ਕਿ ਸੂਬੇ ਵਿੱਚ ਖ਼ਾਸ ਕਰਕੇ ਸਰਹੱਦੀ ਜ਼ਿਲ੍ਹਿਆਂ ਵਿੱਚ ਬਾਹਰਲੇ ਸੂਬਿਆਂ ਤੋਂ ਝੋਨੇ ਦਾ ਇੱਕ ਵੀ ਦਾਣਾ ਨਹੀਂ ਵਿਕਣਾ ਚਾਹੀਦਾ। ਪੰਜਾਬ ਦੇ ਖੇਤੀਬਾੜੀ ਮੰਤਰੀ ਨੇ ਕਿਹਾ ਕਿ ਮੁੱਖ ਮੰਤਰੀ ਸ. ਭਗਵੰਤ ਸਿੰਘ ਮਾਨ ਦੀ ਅਗਵਾਈ

ਵਾਲੀ ਪੰਜਾਬ ਸਰਕਾਰ ਸੂਬੇ ਦੀ ਖੇਤੀਬਾੜੀ ਮਾਰਕੀਟ ਢਾਂਚੇ ਦੀ ਰਾਖੀ ਅਤੇ ਸਥਾਨਕ ਕਿਸਾਨਾਂ ਦੇ ਹਿੱਤਾਂ ਦੀ ਰਾਖੀ ਲਈ ਪੰਜਾਬ ਵਿੱਚ ਹੋਰ ਸੂਬਿਆਂ ਦੇ ਝੋਨੇ ਦੀ ਵਿਕਰੀ ਵਿਰੁੱਧ ਜ਼ੀਰੋ-ਸਹਿਣਸ਼ੀਲਤਾ ਦਾ ਰੁਖ਼ ਅਪਣਾਇਆ ਗਿਆ ਹੈ। ਝੋਨੇ ਦੀ ਖਰੀਦ ਸਬੰਧੀ ਕਾਰਜਾਂ ਦੀ ਸਮੀਖਿਆ ਕਰਦਿਆਂ, ਸ. ਗੁਰਮੀਤ

ਸਿੰਘ ਖੁੱਡੀਆਂ ਨੇ ਸਾਰੇ ਮਾਰਕੀਟ ਕਮੇਟੀ ਸਕੱਤਰਾਂ ਅਤੇ ਡੀ.ਐਮ.ਓਜ਼ ਨੂੰ ਆਦੇਸ਼ ਦਿੱਤੇ ਕਿ ਉਹ ਝੋਨੇ ਨੂੰ ਹੋਣਾ ਭੇਜਣ ਤੋਂ ਪਹਿਲਾਂ ਪੀ.ਏ.ਯੂ.-ਕੈਲੀਬ੍ਰੇਟਿਡ ਨਮੀ-ਮਾਪਕ ਮੀਟਰਾਂ ਦੀ ਵਰਤੋਂ ਕਰਕੇ ਨਮੀ ਦੀ ਜਾਂਚ ਯਕੀਨੀ ਬਣਾਉਣ ਤਾਂ ਜੋ ਕਿਸਾਨਾਂ ਲਈ ਵਾਜਬ ਕੀਮਤ ਯਕੀਨੀ ਬਣਾਈ ਜਾ ਸਕੇ ਅਤੇ ਪੰਜਾਬ ਦੇ ਅਨਾਜ ਦੀ ਗੁਣਵੱਤਾ ਨੂੰ ਬਰਕਰਾਰ ਰੱਖਿਆ ਜਾ ਸਕੇ।

ਖੇਤੀਬਾੜੀ ਅਤੇ ਕਿਸਾਨ ਭਲਾਈ ਵਿਭਾਗ ਦੇ ਪ੍ਰਬੰਧਕੀ ਸਕੱਤਰ ਡਾ. ਬਸੰਤ ਗਰਗ ਨੇ ਸਾਰੇ ਮੁੱਖ ਖੇਤੀਬਾੜੀ ਅਧਿਕਾਰੀਆਂ ਨੂੰ ਜਾਗਰੂਕਤਾ ਮੁਹਿੰਮ ਨੂੰ ਹੋਰ ਤੇਜ਼ ਕਰਨ, ਕਿਸਾਨਾਂ ਨੂੰ ਪਰਾਲੀ ਸਾੜਨ ਦੇ ਮਾੜੇ ਪ੍ਰਭਾਵਾਂ

ਬਾਰੇ ਜਾਗਰੂਕ ਕਰਨ ਅਤੇ ਉਨ੍ਹਾਂ ਨੂੰ ਇਨ-ਸੀਟੂ ਅਤੇ ਐਕਸ-ਸੀਟੂ ਤਰੀਕਿਆਂ ਦੀ ਵਰਤੋਂ ਕਰਕੇ ਪਰਾਲੀ ਪ੍ਰਬੰਧਨ ਕਰਨ ਵਾਸਤੇ ਪ੍ਰੇਰਿਤ ਕਰਨ ਲਈ ਕਿਹਾ।

ਪੰਜਾਬ ਮੰਡੀ ਬੋਰਡ ਦੇ ਸਕੱਤਰ ਸ੍ਰੀ ਰਾਮਵੀਰ ਨੇ ਕੈਬਨਿਟ ਮੰਤਰੀ ਨੂੰ ਦੱਸਿਆ ਕਿ ਸੂਬੇ ਦੀਆਂ ਅਨਾਜ ਮੰਡੀਆਂ ਵਿੱਚ ਸਾਰੇ ਪ੍ਰਬੰਧ ਯਕੀਨੀ ਬਣਾਏ ਗਏ ਹਨ ਤਾਂ ਜੋ ਕਿਸਾਨਾਂ ਨੂੰ ਫਸਲ ਵੇਚਣ ਵਿੱਚ ਕੋਈ ਮੁਸ਼ਕਲ ਪੇਸ਼ ਨਾ ਆਵੇ। ਉਨ੍ਹਾਂ ਦੱਸਿਆ ਕਿ ਪੰਜਾਬ ਮੰਡੀ ਬੋਰਡ ਵੱਲੋਂ ਹੋਰ ਸੂਬਿਆਂ ਤੋਂ ਝੋਨੇ ਦੀ ਅਣਅਧਿਕਾਰਤ ਢੋਆ-ਢੁਆਈ ਤੇ ਸਖ਼ਤ ਨਿਗਰਾਨੀ ਰੱਖਣ ਲਈ ਵਿਸ਼ੇਸ਼ ਨਾਕੇ ਲਗਾਏ ਜਾ ਰਹੇ ਹਨ।
